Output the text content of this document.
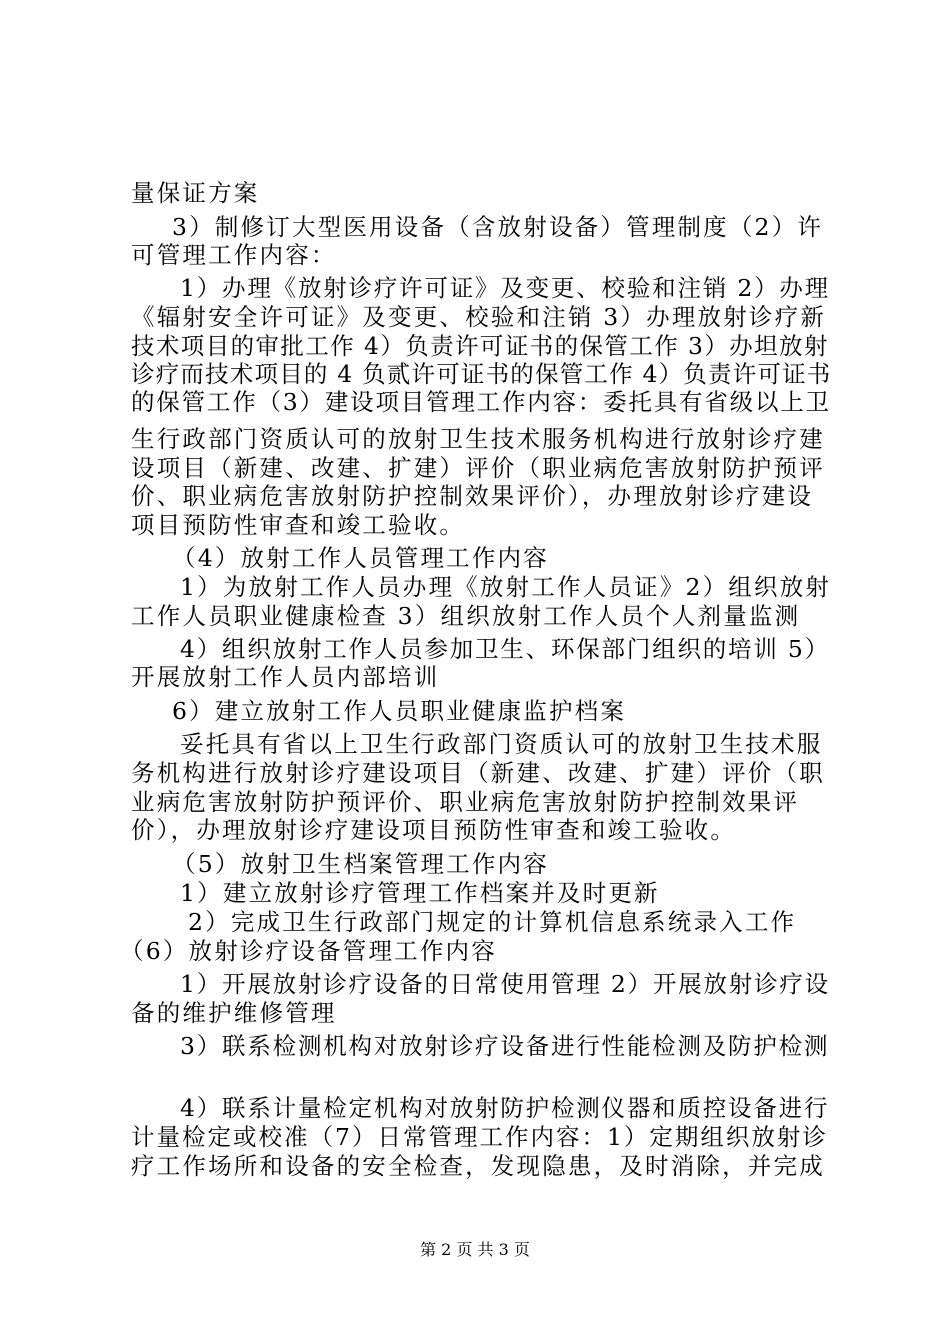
量保证方案
3）制修订大型医用设备（含放射设备）管理制度（2）许
可管理工作内容：
1）办理《放射诊疗许可证》及变更、校验和注销 2）办理
《辐射安全许可证》及变更、校验和注销 3）办理放射诊疗新
技术项目的审批工作 4）负责许可证书的保管工作 3）办坦放射
诊疗而技术项目的 4 负贰许可证书的保管工作 4）负责许可证书
的保管工作（3）建设项目管理工作内容：委托具有省级以上卫
生行政部门资质认可的放射卫生技术服务机构进行放射诊疗建
设项目（新建、改建、扩建）评价（职业病危害放射防护预评
价、职业病危害放射防护控制效果评价），办理放射诊疗建设
项目预防性审查和竣工验收。
（4）放射工作人员管理工作内容
1）为放射工作人员办理《放射工作人员证》2）组织放射
工作人员职业健康检查 3）组织放射工作人员个人剂量监测
4）组织放射工作人员参加卫生、环保部门组织的培训 5）
开展放射工作人员内部培训
6）建立放射工作人员职业健康监护档案
妥托具有省以上卫生行政部门资质认可的放射卫生技术服
务机构进行放射诊疗建设项目（新建、改建、扩建）评价（职
业病危害放射防护预评价、职业病危害放射防护控制效果评
价），办理放射诊疗建设项目预防性审查和竣工验收。
（5）放射卫生档案管理工作内容
1）建立放射诊疗管理工作档案并及时更新
2）完成卫生行政部门规定的计算机信息系统录入工作
（6）放射诊疗设备管理工作内容
1）开展放射诊疗设备的日常使用管理 2）开展放射诊疗设
备的维护维修管理
3）联系检测机构对放射诊疗设备进行性能检测及防护检测
4）联系计量检定机构对放射防护检测仪器和质控设备进行
计量检定或校准（7）日常管理工作内容：1）定期组织放射诊
疗工作场所和设备的安全检查，发现隐患，及时消除，并完成
第 2 页 共 3 页
